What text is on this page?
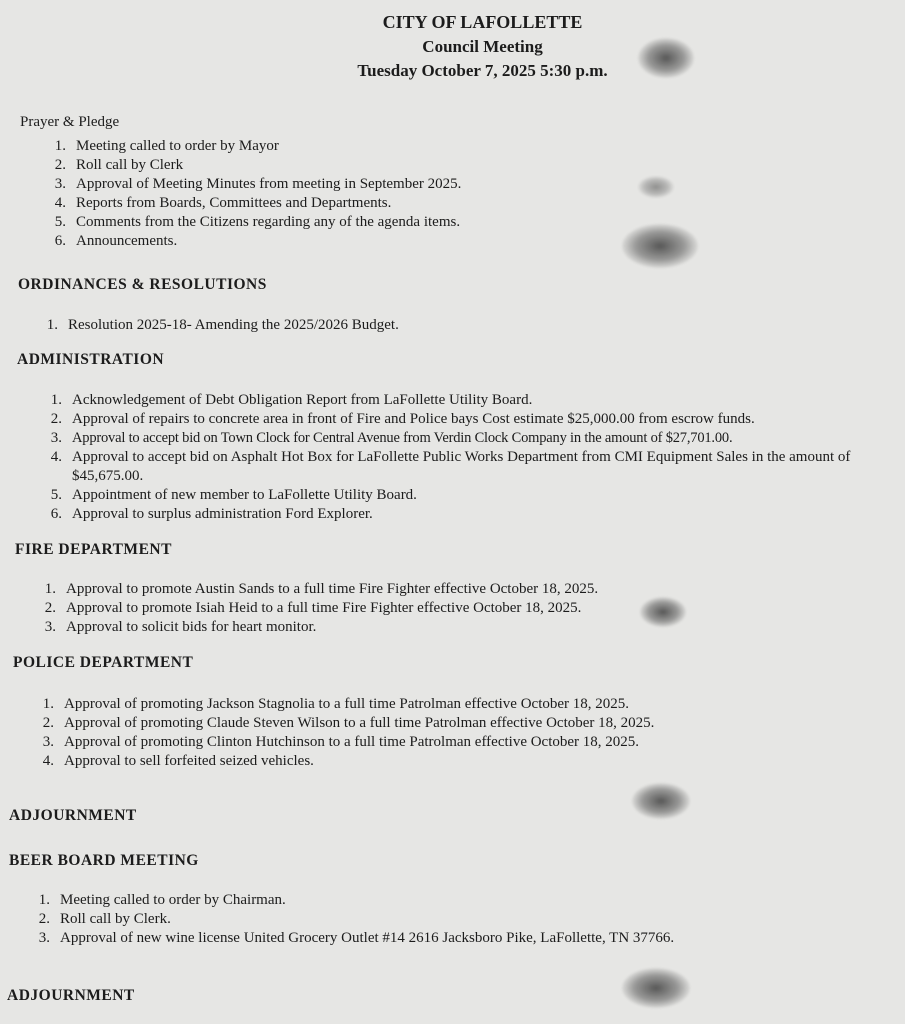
CITY OF LAFOLLETTE
Council Meeting
Tuesday October 7, 2025 5:30 p.m.
Prayer & Pledge
1. Meeting called to order by Mayor
2. Roll call by Clerk
3. Approval of Meeting Minutes from meeting in September 2025.
4. Reports from Boards, Committees and Departments.
5. Comments from the Citizens regarding any of the agenda items.
6. Announcements.
ORDINANCES & RESOLUTIONS
1. Resolution 2025-18- Amending the 2025/2026 Budget.
ADMINISTRATION
1. Acknowledgement of Debt Obligation Report from LaFollette Utility Board.
2. Approval of repairs to concrete area in front of Fire and Police bays Cost estimate $25,000.00 from escrow funds.
3. Approval to accept bid on Town Clock for Central Avenue from Verdin Clock Company in the amount of $27,701.00.
4. Approval to accept bid on Asphalt Hot Box for LaFollette Public Works Department from CMI Equipment Sales in the amount of $45,675.00.
5. Appointment of new member to LaFollette Utility Board.
6. Approval to surplus administration Ford Explorer.
FIRE DEPARTMENT
1. Approval to promote Austin Sands to a full time Fire Fighter effective October 18, 2025.
2. Approval to promote Isiah Heid to a full time Fire Fighter effective October 18, 2025.
3. Approval to solicit bids for heart monitor.
POLICE DEPARTMENT
1. Approval of promoting Jackson Stagnolia to a full time Patrolman effective October 18, 2025.
2. Approval of promoting Claude Steven Wilson to a full time Patrolman effective October 18, 2025.
3. Approval of promoting Clinton Hutchinson to a full time Patrolman effective October 18, 2025.
4. Approval to sell forfeited seized vehicles.
ADJOURNMENT
BEER BOARD MEETING
1. Meeting called to order by Chairman.
2. Roll call by Clerk.
3. Approval of new wine license United Grocery Outlet #14 2616 Jacksboro Pike, LaFollette, TN 37766.
ADJOURNMENT
